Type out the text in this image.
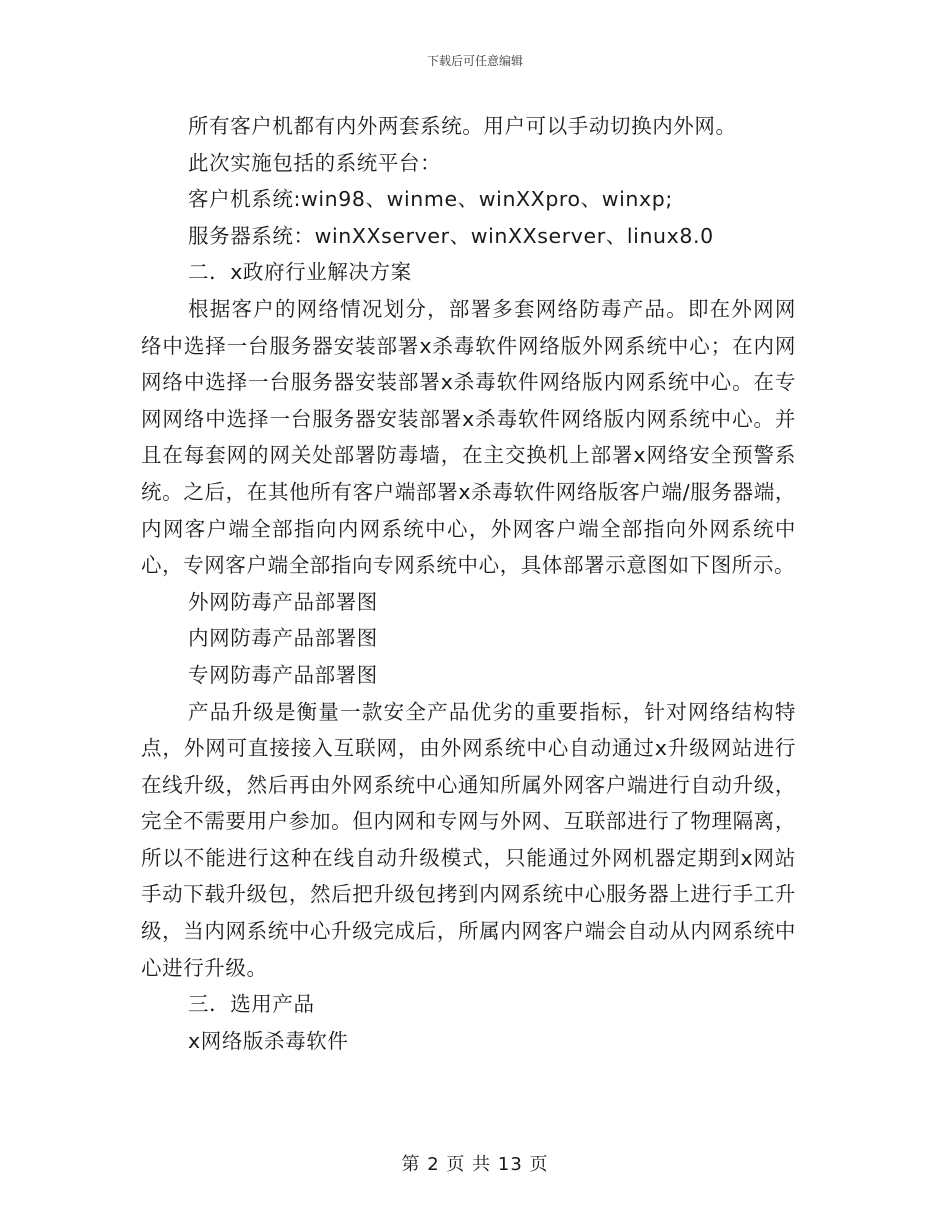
下载后可任意编辑

所有客户机都有内外两套系统。用户可以手动切换内外网。

此次实施包括的系统平台：

客户机系统:win98、winme、winXXpro、winxp;

服务器系统：winXXserver、winXXserver、linux8.0

二．x政府行业解决方案

根据客户的网络情况划分，部署多套网络防毒产品。即在外网网络中选择一台服务器安装部署x杀毒软件网络版外网系统中心；在内网网络中选择一台服务器安装部署x杀毒软件网络版内网系统中心。在专网网络中选择一台服务器安装部署x杀毒软件网络版内网系统中心。并且在每套网的网关处部署防毒墙，在主交换机上部署x网络安全预警系统。之后，在其他所有客户端部署x杀毒软件网络版客户端/服务器端，内网客户端全部指向内网系统中心，外网客户端全部指向外网系统中心，专网客户端全部指向专网系统中心，具体部署示意图如下图所示。

外网防毒产品部署图

内网防毒产品部署图

专网防毒产品部署图

产品升级是衡量一款安全产品优劣的重要指标，针对网络结构特点，外网可直接接入互联网，由外网系统中心自动通过x升级网站进行在线升级，然后再由外网系统中心通知所属外网客户端进行自动升级，完全不需要用户参加。但内网和专网与外网、互联部进行了物理隔离，所以不能进行这种在线自动升级模式，只能通过外网机器定期到x网站手动下载升级包，然后把升级包拷到内网系统中心服务器上进行手工升级，当内网系统中心升级完成后，所属内网客户端会自动从内网系统中心进行升级。

三．选用产品

x网络版杀毒软件

第 2 页 共 13 页
